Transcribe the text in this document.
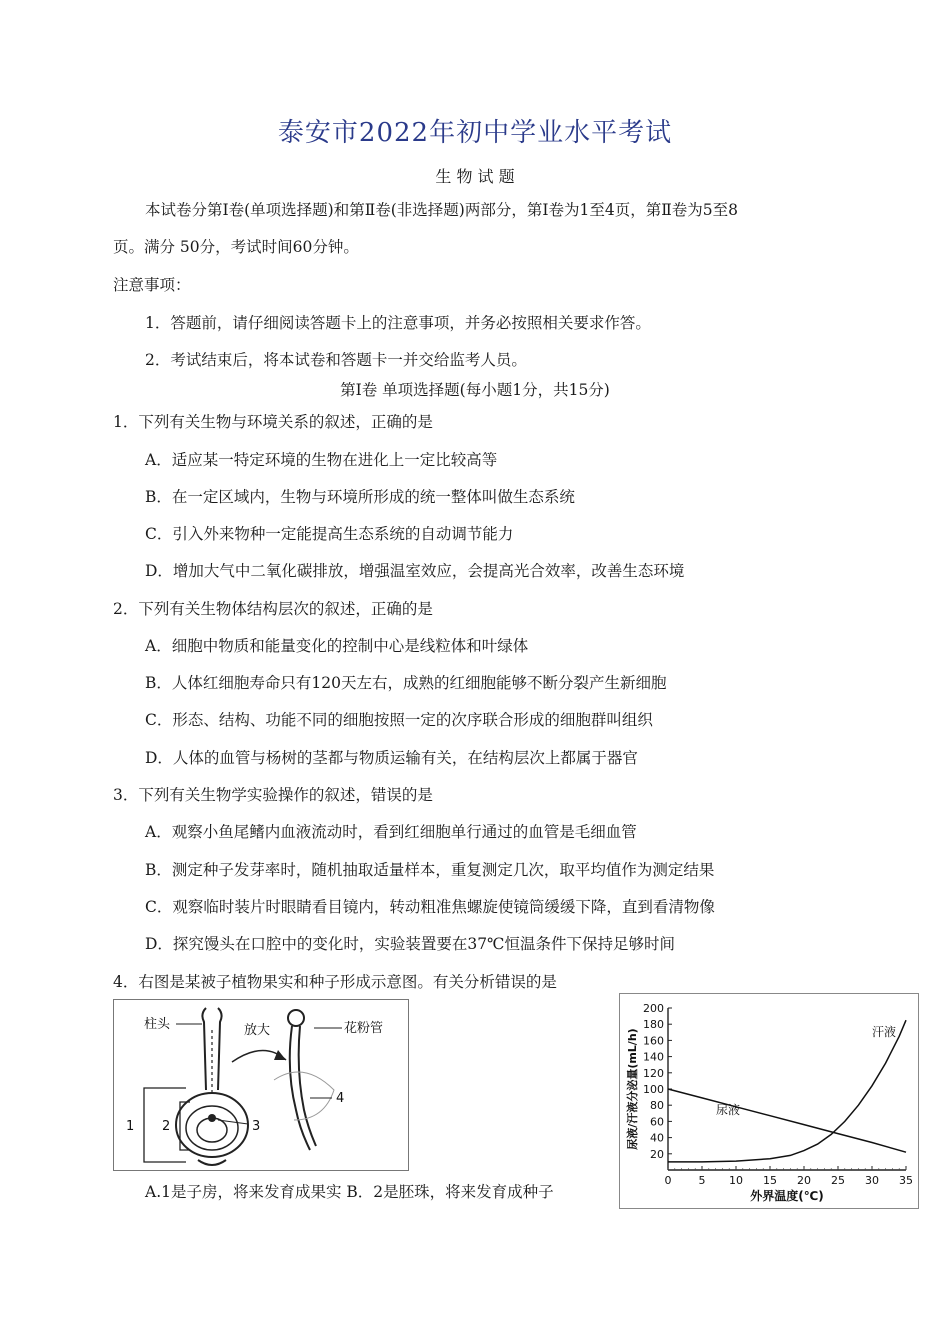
泰安市2022年初中学业水平考试
生 物 试 题
本试卷分第Ⅰ卷(单项选择题)和第Ⅱ卷(非选择题)两部分，第Ⅰ卷为1至4页，第Ⅱ卷为5至8
页。满分 50分，考试时间60分钟。
注意事项：
1．答题前，请仔细阅读答题卡上的注意事项，并务必按照相关要求作答。
2．考试结束后，将本试卷和答题卡一并交给监考人员。
第Ⅰ卷 单项选择题(每小题1分，共15分)
1．下列有关生物与环境关系的叙述，正确的是
A．适应某一特定环境的生物在进化上一定比较高等
B．在一定区域内，生物与环境所形成的统一整体叫做生态系统
C．引入外来物种一定能提高生态系统的自动调节能力
D．增加大气中二氧化碳排放，增强温室效应，会提高光合效率，改善生态环境
2．下列有关生物体结构层次的叙述，正确的是
A．细胞中物质和能量变化的控制中心是线粒体和叶绿体
B．人体红细胞寿命只有120天左右，成熟的红细胞能够不断分裂产生新细胞
C．形态、结构、功能不同的细胞按照一定的次序联合形成的细胞群叫组织
D．人体的血管与杨树的茎都与物质运输有关，在结构层次上都属于器官
3．下列有关生物学实验操作的叙述，错误的是
A．观察小鱼尾鳍内血液流动时，看到红细胞单行通过的血管是毛细血管
B．测定种子发芽率时，随机抽取适量样本，重复测定几次，取平均值作为测定结果
C．观察临时装片时眼睛看目镜内，转动粗准焦螺旋使镜筒缓缓下降，直到看清物像
D．探究馒头在口腔中的变化时，实验装置要在37℃恒温条件下保持足够时间
4．右图是某被子植物果实和种子形成示意图。有关分析错误的是
柱头	放大	花粉管
1 2	3
4
A.1是子房，将来发育成果实 B．2是胚珠，将来发育成种子
0 5 10 15 20 25 30 35
20
40
60
80
100
120
140
160
180
200
外界温度(℃)
尿液/汗液分泌量(mL/h)	汗液
尿液
